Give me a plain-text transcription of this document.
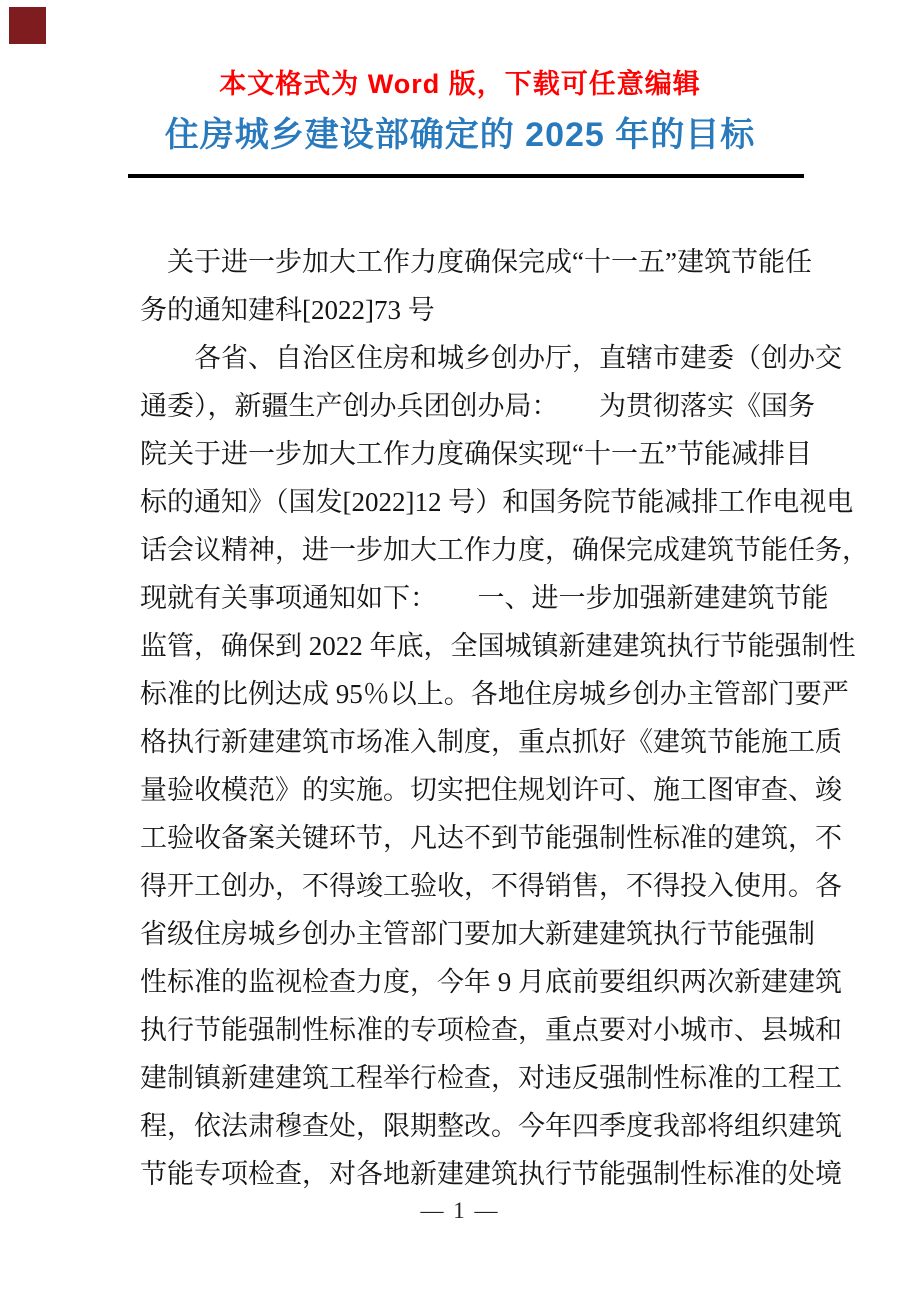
本文格式为 Word 版，下载可任意编辑
住房城乡建设部确定的 2025 年的目标
　关于进一步加大工作力度确保完成“十一五”建筑节能任
务的通知建科[2022]73 号
　　各省、自治区住房和城乡创办厅，直辖市建委（创办交
通委），新疆生产创办兵团创办局：　　为贯彻落实《国务
院关于进一步加大工作力度确保实现“十一五”节能减排目
标的通知》（国发[2022]12 号）和国务院节能减排工作电视电
话会议精神，进一步加大工作力度，确保完成建筑节能任务，
现就有关事项通知如下：　　一、进一步加强新建建筑节能
监管，确保到 2022 年底，全国城镇新建建筑执行节能强制性
标准的比例达成 95％以上。各地住房城乡创办主管部门要严
格执行新建建筑市场准入制度，重点抓好《建筑节能施工质
量验收模范》的实施。切实把住规划许可、施工图审查、竣
工验收备案关键环节，凡达不到节能强制性标准的建筑，不
得开工创办，不得竣工验收，不得销售，不得投入使用。各
省级住房城乡创办主管部门要加大新建建筑执行节能强制
性标准的监视检查力度，今年 9 月底前要组织两次新建建筑
执行节能强制性标准的专项检查，重点要对小城市、县城和
建制镇新建建筑工程举行检查，对违反强制性标准的工程工
程，依法肃穆查处，限期整改。今年四季度我部将组织建筑
节能专项检查，对各地新建建筑执行节能强制性标准的处境
— 1 —
